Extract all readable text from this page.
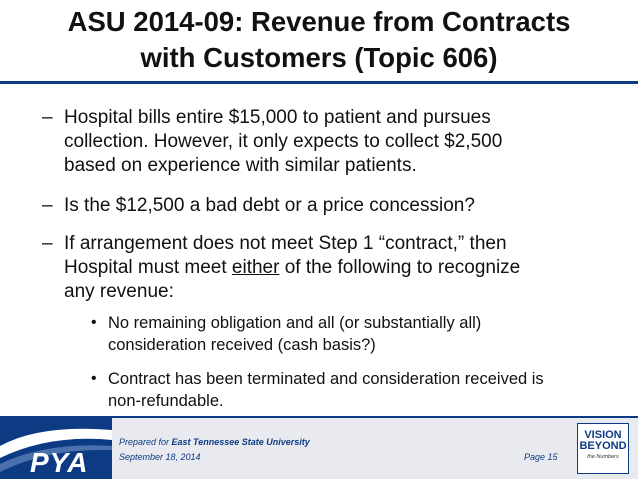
ASU 2014-09: Revenue from Contracts
with Customers (Topic 606)
– Hospital bills entire $15,000 to patient and pursues
collection. However, it only expects to collect $2,500
based on experience with similar patients.
– Is the $12,500 a bad debt or a price concession?
– If arrangement does not meet Step 1 “contract,” then
Hospital must meet either of the following to recognize
any revenue:
• No remaining obligation and all (or substantially all)
consideration received (cash basis?)
• Contract has been terminated and consideration received is
non-refundable.
PYA
Prepared for East Tennessee State University
September 18, 2014	Page 15
VISION
BEYOND
the Numbers
